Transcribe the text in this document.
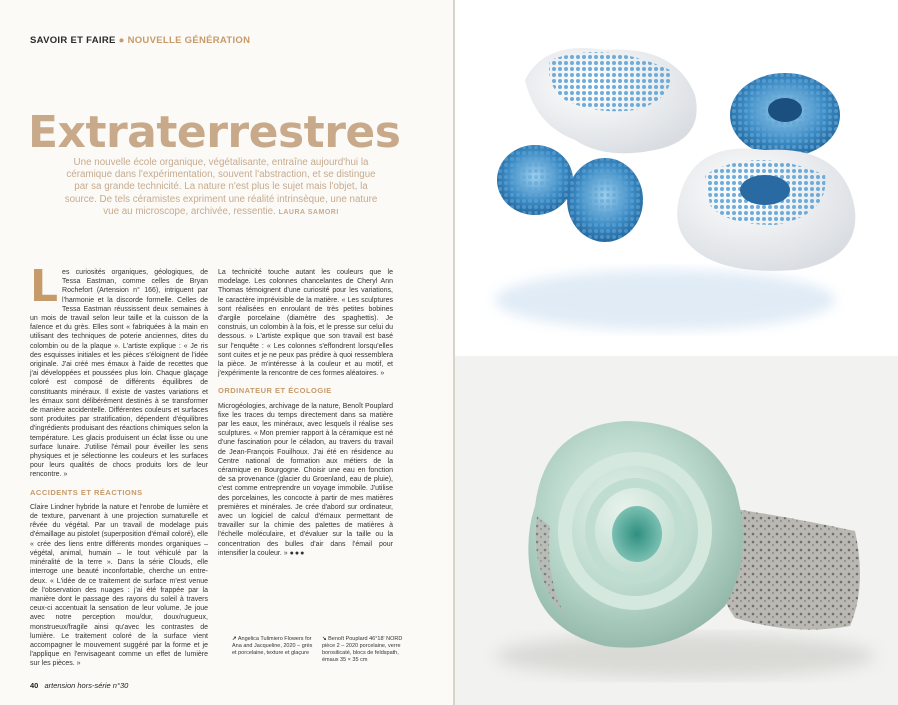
SAVOIR ET FAIRE ● NOUVELLE GÉNÉRATION
Extraterrestres
Une nouvelle école organique, végétalisante, entraîne aujourd'hui la céramique dans l'expérimentation, souvent l'abstraction, et se distingue par sa grande technicité. La nature n'est plus le sujet mais l'objet, la source. De tels céramistes expriment une réalité intrinsèque, une nature vue au microscope, archivée, ressentie. LAURA SAMORI

L es curiosités organiques, géologiques, de Tessa Eastman, comme celles de Bryan Rochefort (Artension n° 166), intriguent par l'harmonie et la discorde formelle. Celles de Tessa Eastman réussissent deux semaines à un mois de travail selon leur taille et la cuisson de la faïence et du grès. Elles sont « fabriquées à la main en utilisant des techniques de poterie anciennes, dites du colombin ou de la plaque ». L'artiste explique : « Je ris des esquisses initiales et les pièces s'éloignent de l'idée originale. J'ai créé mes émaux à l'aide de recettes que j'ai développées et poussées plus loin. Chaque glaçage coloré est composé de différents équilibres de constituants minéraux. Il existe de vastes variations et les émaux sont délibérément destinés à se transformer de manière accidentelle. Différentes couleurs et surfaces sont produites par stratification, dépendent d'équilibres d'ingrédients produisant des réactions chimiques selon la température. Les glacis produisent un éclat lisse ou une surface lunaire. J'utilise l'émail pour éveiller les sens physiques et je sélectionne les couleurs et les surfaces pour leurs qualités de chocs produits lors de leur rencontre. »

ACCIDENTS ET RÉACTIONS

Claire Lindner hybride la nature et l'enrobe de lumière et de texture, parvenant à une projection surnaturelle et rêvée du végétal. Par un travail de modelage puis d'émaillage au pistolet (superposition d'émail coloré), elle « crée des liens entre différents mondes organiques – végétal, animal, humain – le tout véhiculé par la minéralité de la terre ». Dans la série Clouds, elle interroge une beauté inconfortable, cherche un entre-deux. « L'idée de ce traitement de surface m'est venue de l'observation des nuages : j'ai été frappée par la manière dont le passage des rayons du soleil à travers ceux-ci accentuait la sensation de leur volume. Je joue avec notre perception mou/dur, doux/rugueux, monstrueux/fragile ainsi qu'avec les contrastes de lumière. Le traitement coloré de la surface vient accompagner le mouvement suggéré par la forme et je l'applique en l'envisageant comme un effet de lumière sur les pièces. »

La technicité touche autant les couleurs que le modelage. Les colonnes chancelantes de Cheryl Ann Thomas témoignent d'une curiosité pour les variations, le caractère imprévisible de la matière. « Les sculptures sont réalisées en enroulant de très petites bobines d'argile porcelaine (diamètre des spaghettis). Je construis, un colombin à la fois, et le presse sur celui du dessous. » L'artiste explique que son travail est basé sur l'enquête : « Les colonnes s'effondrent lorsqu'elles sont cuites et je ne peux pas prédire à quoi ressemblera la pièce. Je m'intéresse à la couleur et au motif, et j'expérimente la rencontre de ces formes aléatoires. »

ORDINATEUR ET ÉCOLOGIE

Microgéologies, archivage de la nature, Benoît Pouplard fixe les traces du temps directement dans sa matière par les eaux, les minéraux, avec lesquels il réalise ses sculptures. « Mon premier rapport à la céramique est né d'une fascination pour le céladon, au travers du travail de Jean-François Fouilhoux. J'ai été en résidence au Centre national de formation aux métiers de la céramique en Bourgogne. Choisir une eau en fonction de sa provenance (glacier du Groenland, eau de pluie), c'est comme entreprendre un voyage immobile. J'utilise des porcelaines, les concocte à partir de mes matières premières et minérales. Je crée d'abord sur ordinateur, avec un logiciel de calcul d'émaux permettant de travailler sur la chimie des palettes de matières à l'échelle moléculaire, et d'évaluer sur la taille ou la concentration des bulles d'air dans l'émail pour intensifier la couleur. » ●●●

↗ Angelica Tulimiero Flowers for Ana and Jacqueline, 2020 – grès et porcelaine, texture et glaçure
↘ Benoît Pouplard 46°18' NORD pièce 2 – 2020 porcelaine, verre borosilicaté, blocs de feldspath, émaux 35 × 35 cm
40 artension hors-série n°30
